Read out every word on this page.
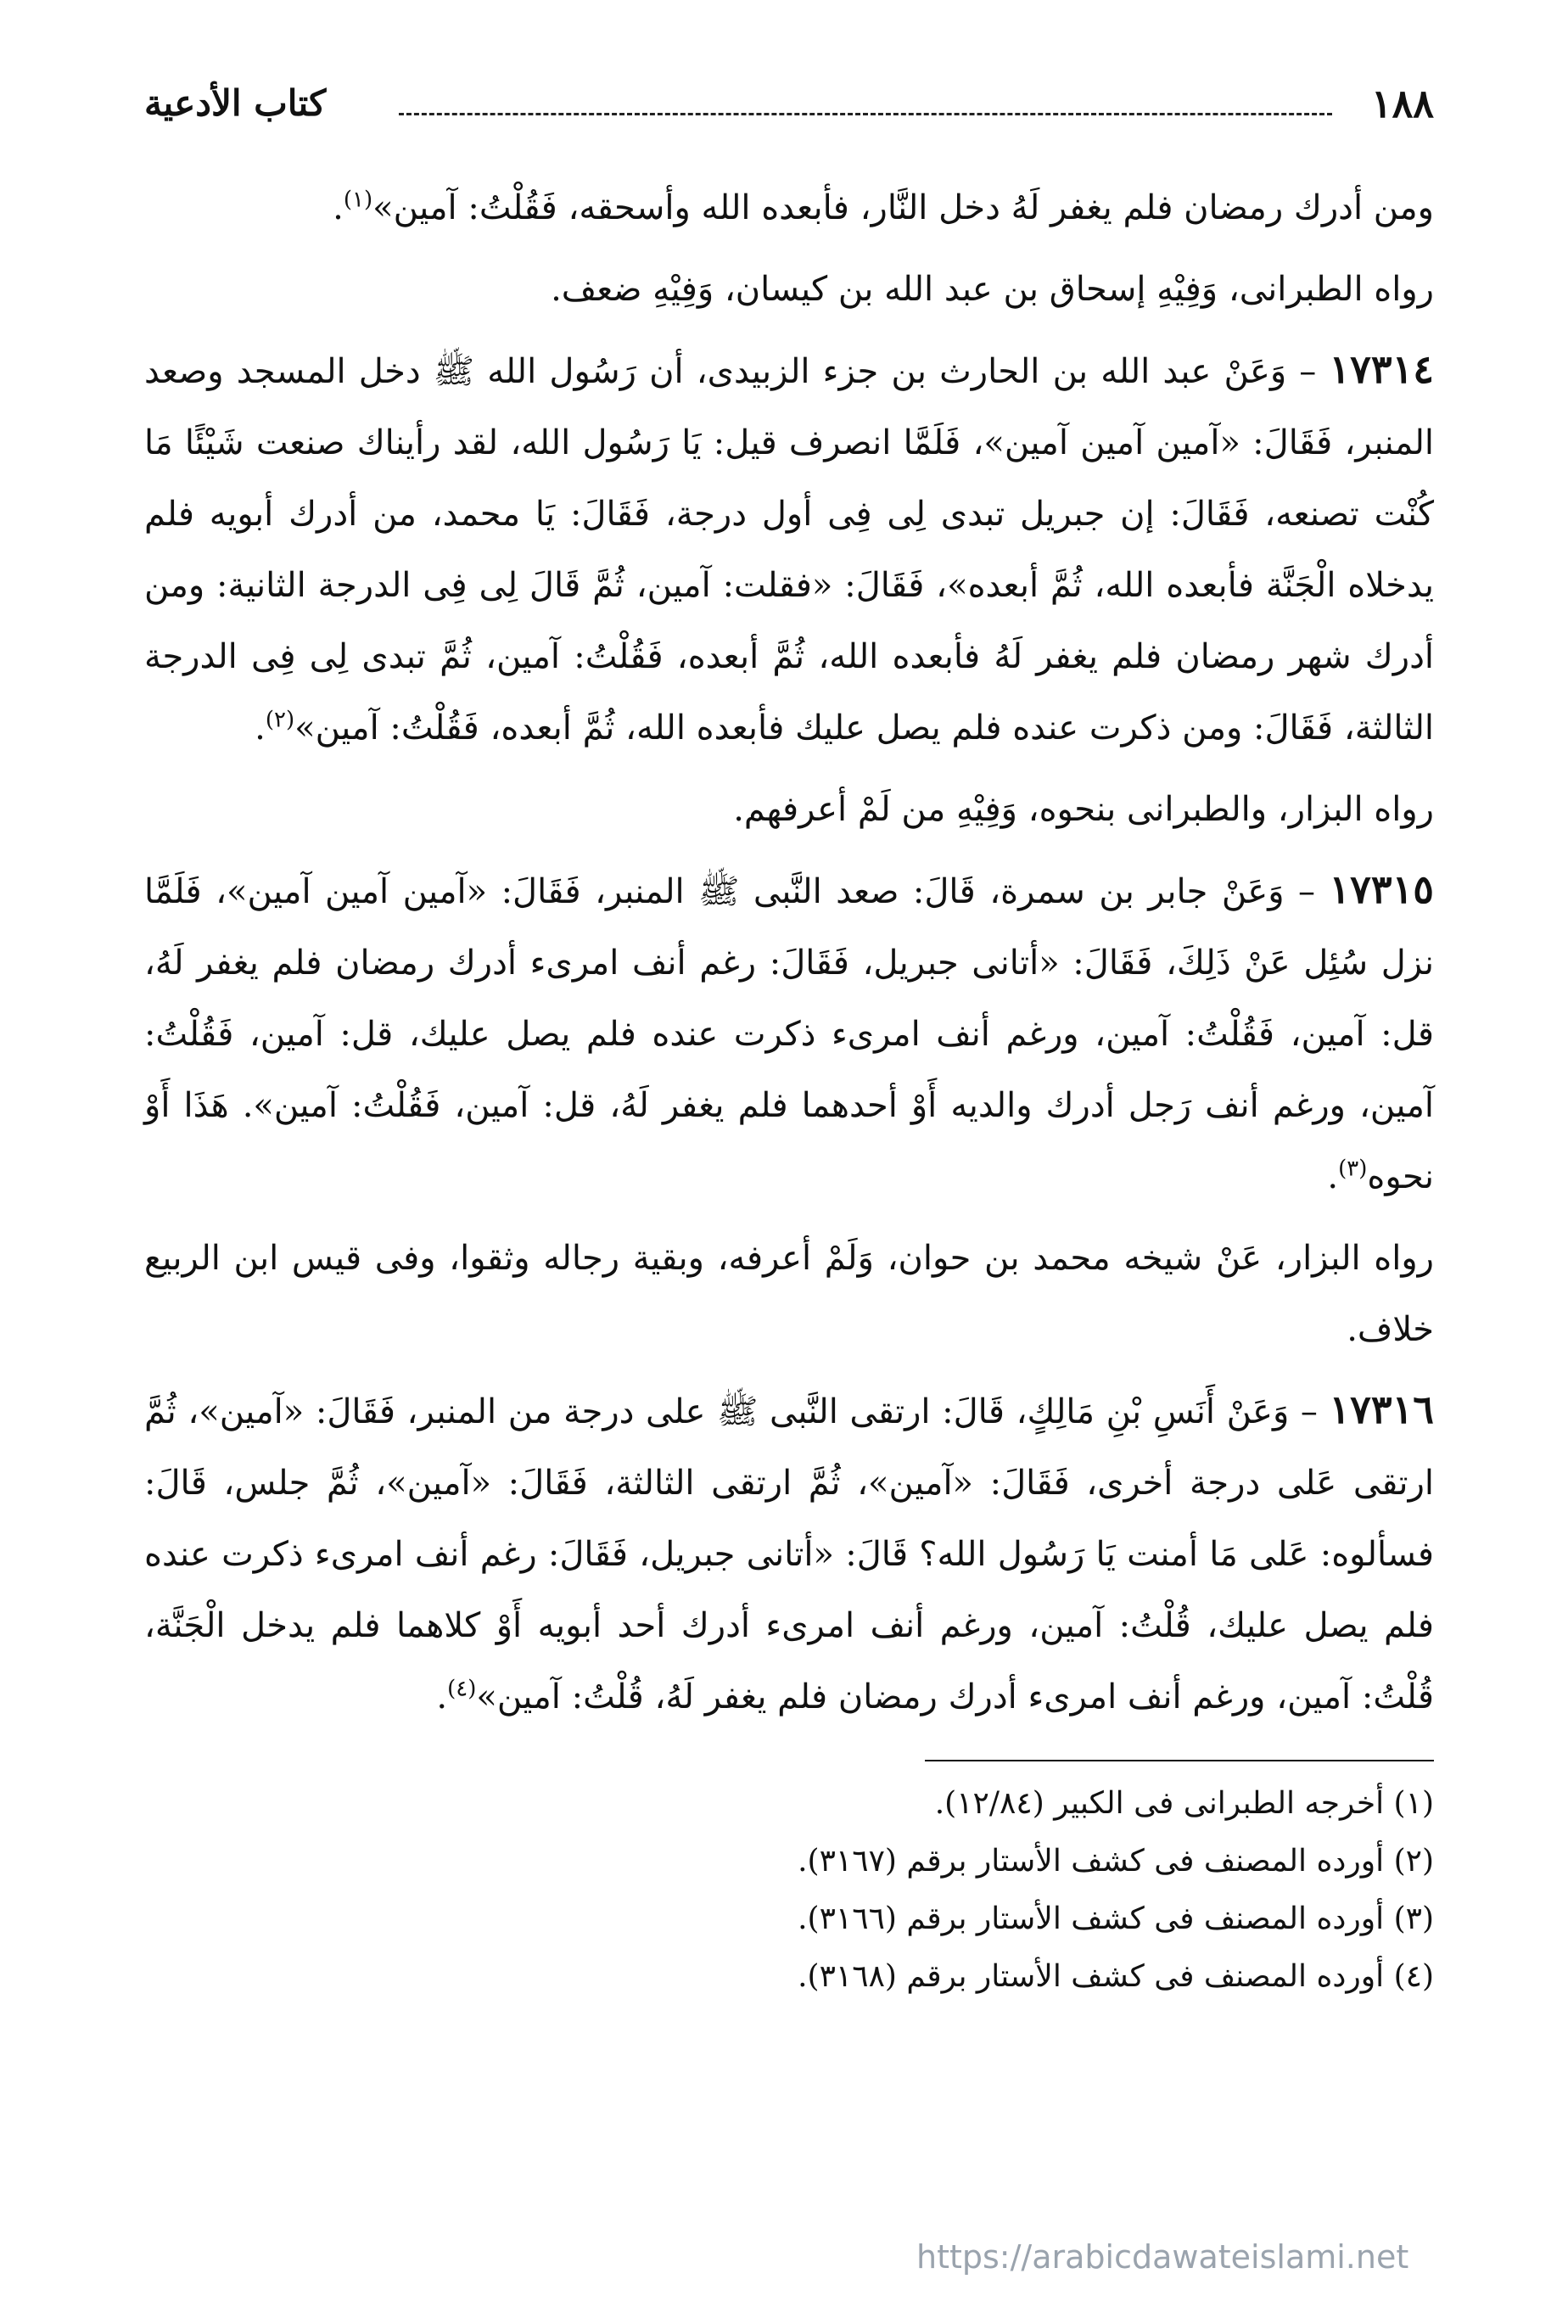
١٨٨
كتاب الأدعية

ومن أدرك رمضان فلم يغفر لَهُ دخل النَّار، فأبعده الله وأسحقه، فَقُلْتُ: آمين»$^{(١)}$.

رواه الطبرانى، وَفِيْهِ إسحاق بن عبد الله بن كيسان، وَفِيْهِ ضعف.

١٧٣١٤ – وَعَنْ عبد الله بن الحارث بن جزء الزبيدى، أن رَسُول الله ﷺ دخل المسجد وصعد المنبر، فَقَالَ: «آمين آمين آمين»، فَلَمَّا انصرف قيل: يَا رَسُول الله، لقد رأيناك صنعت شَيْئًا مَا كُنْت تصنعه، فَقَالَ: إن جبريل تبدى لِى فِى أول درجة، فَقَالَ: يَا محمد، من أدرك أبويه فلم يدخلاه الْجَنَّة فأبعده الله، ثُمَّ أبعده»، فَقَالَ: «فقلت: آمين، ثُمَّ قَالَ لِى فِى الدرجة الثانية: ومن أدرك شهر رمضان فلم يغفر لَهُ فأبعده الله، ثُمَّ أبعده، فَقُلْتُ: آمين، ثُمَّ تبدى لِى فِى الدرجة الثالثة، فَقَالَ: ومن ذكرت عنده فلم يصل عليك فأبعده الله، ثُمَّ أبعده، فَقُلْتُ: آمين»$^{(٢)}$.

رواه البزار، والطبرانى بنحوه، وَفِيْهِ من لَمْ أعرفهم.

١٧٣١٥ – وَعَنْ جابر بن سمرة، قَالَ: صعد النَّبى ﷺ المنبر، فَقَالَ: «آمين آمين آمين»، فَلَمَّا نزل سُئِل عَنْ ذَلِكَ، فَقَالَ: «أتانى جبريل، فَقَالَ: رغم أنف امرىء أدرك رمضان فلم يغفر لَهُ، قل: آمين، فَقُلْتُ: آمين، ورغم أنف امرىء ذكرت عنده فلم يصل عليك، قل: آمين، فَقُلْتُ: آمين، ورغم أنف رَجل أدرك والديه أَوْ أحدهما فلم يغفر لَهُ، قل: آمين، فَقُلْتُ: آمين». هَذَا أَوْ نحوه$^{(٣)}$.

رواه البزار، عَنْ شيخه محمد بن حوان، وَلَمْ أعرفه، وبقية رجاله وثقوا، وفى قيس ابن الربيع خلاف.

١٧٣١٦ – وَعَنْ أَنَسِ بْنِ مَالِكٍ، قَالَ: ارتقى النَّبى ﷺ على درجة من المنبر، فَقَالَ: «آمين»، ثُمَّ ارتقى عَلى درجة أخرى، فَقَالَ: «آمين»، ثُمَّ ارتقى الثالثة، فَقَالَ: «آمين»، ثُمَّ جلس، قَالَ: فسألوه: عَلى مَا أمنت يَا رَسُول الله؟ قَالَ: «أتانى جبريل، فَقَالَ: رغم أنف امرىء ذكرت عنده فلم يصل عليك، قُلْتُ: آمين، ورغم أنف امرىء أدرك أحد أبويه أَوْ كلاهما فلم يدخل الْجَنَّة، قُلْتُ: آمين، ورغم أنف امرىء أدرك رمضان فلم يغفر لَهُ، قُلْتُ: آمين»$^{(٤)}$.

(١) أخرجه الطبرانى فى الكبير (١٢/٨٤).

(٢) أورده المصنف فى كشف الأستار برقم (٣١٦٧).

(٣) أورده المصنف فى كشف الأستار برقم (٣١٦٦).

(٤) أورده المصنف فى كشف الأستار برقم (٣١٦٨).

https://arabicdawateislami.net
